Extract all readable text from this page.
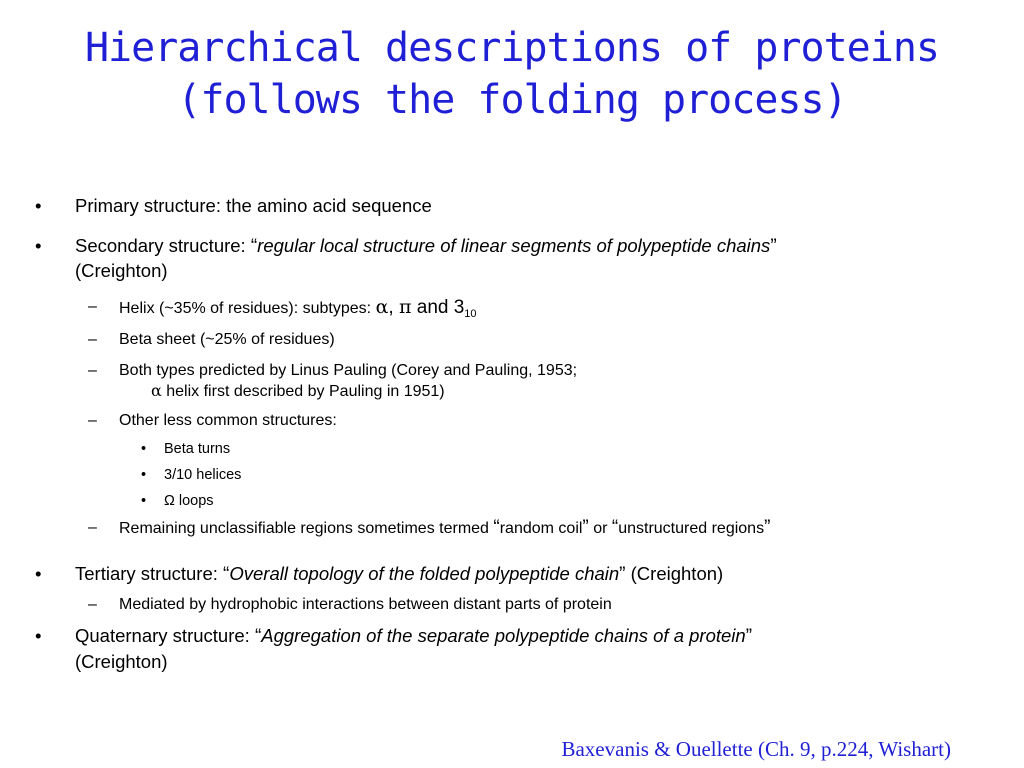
Hierarchical descriptions of proteins
(follows the folding process)
• Primary structure: the amino acid sequence
• Secondary structure: “regular local structure of linear segments of polypeptide chains”
(Creighton)
– Helix (~35% of residues): subtypes: α, π and $3_{10}$
– Beta sheet (~25% of residues)
– Both types predicted by Linus Pauling (Corey and Pauling, 1953;
α helix first described by Pauling in 1951)
– Other less common structures:
• Beta turns
• 3/10 helices
• Ω loops
– Remaining unclassifiable regions sometimes termed “random coil” or “unstructured regions”
• Tertiary structure: “Overall topology of the folded polypeptide chain” (Creighton)
– Mediated by hydrophobic interactions between distant parts of protein
• Quaternary structure: “Aggregation of the separate polypeptide chains of a protein”
(Creighton)
Baxevanis & Ouellette (Ch. 9, p.224, Wishart)
